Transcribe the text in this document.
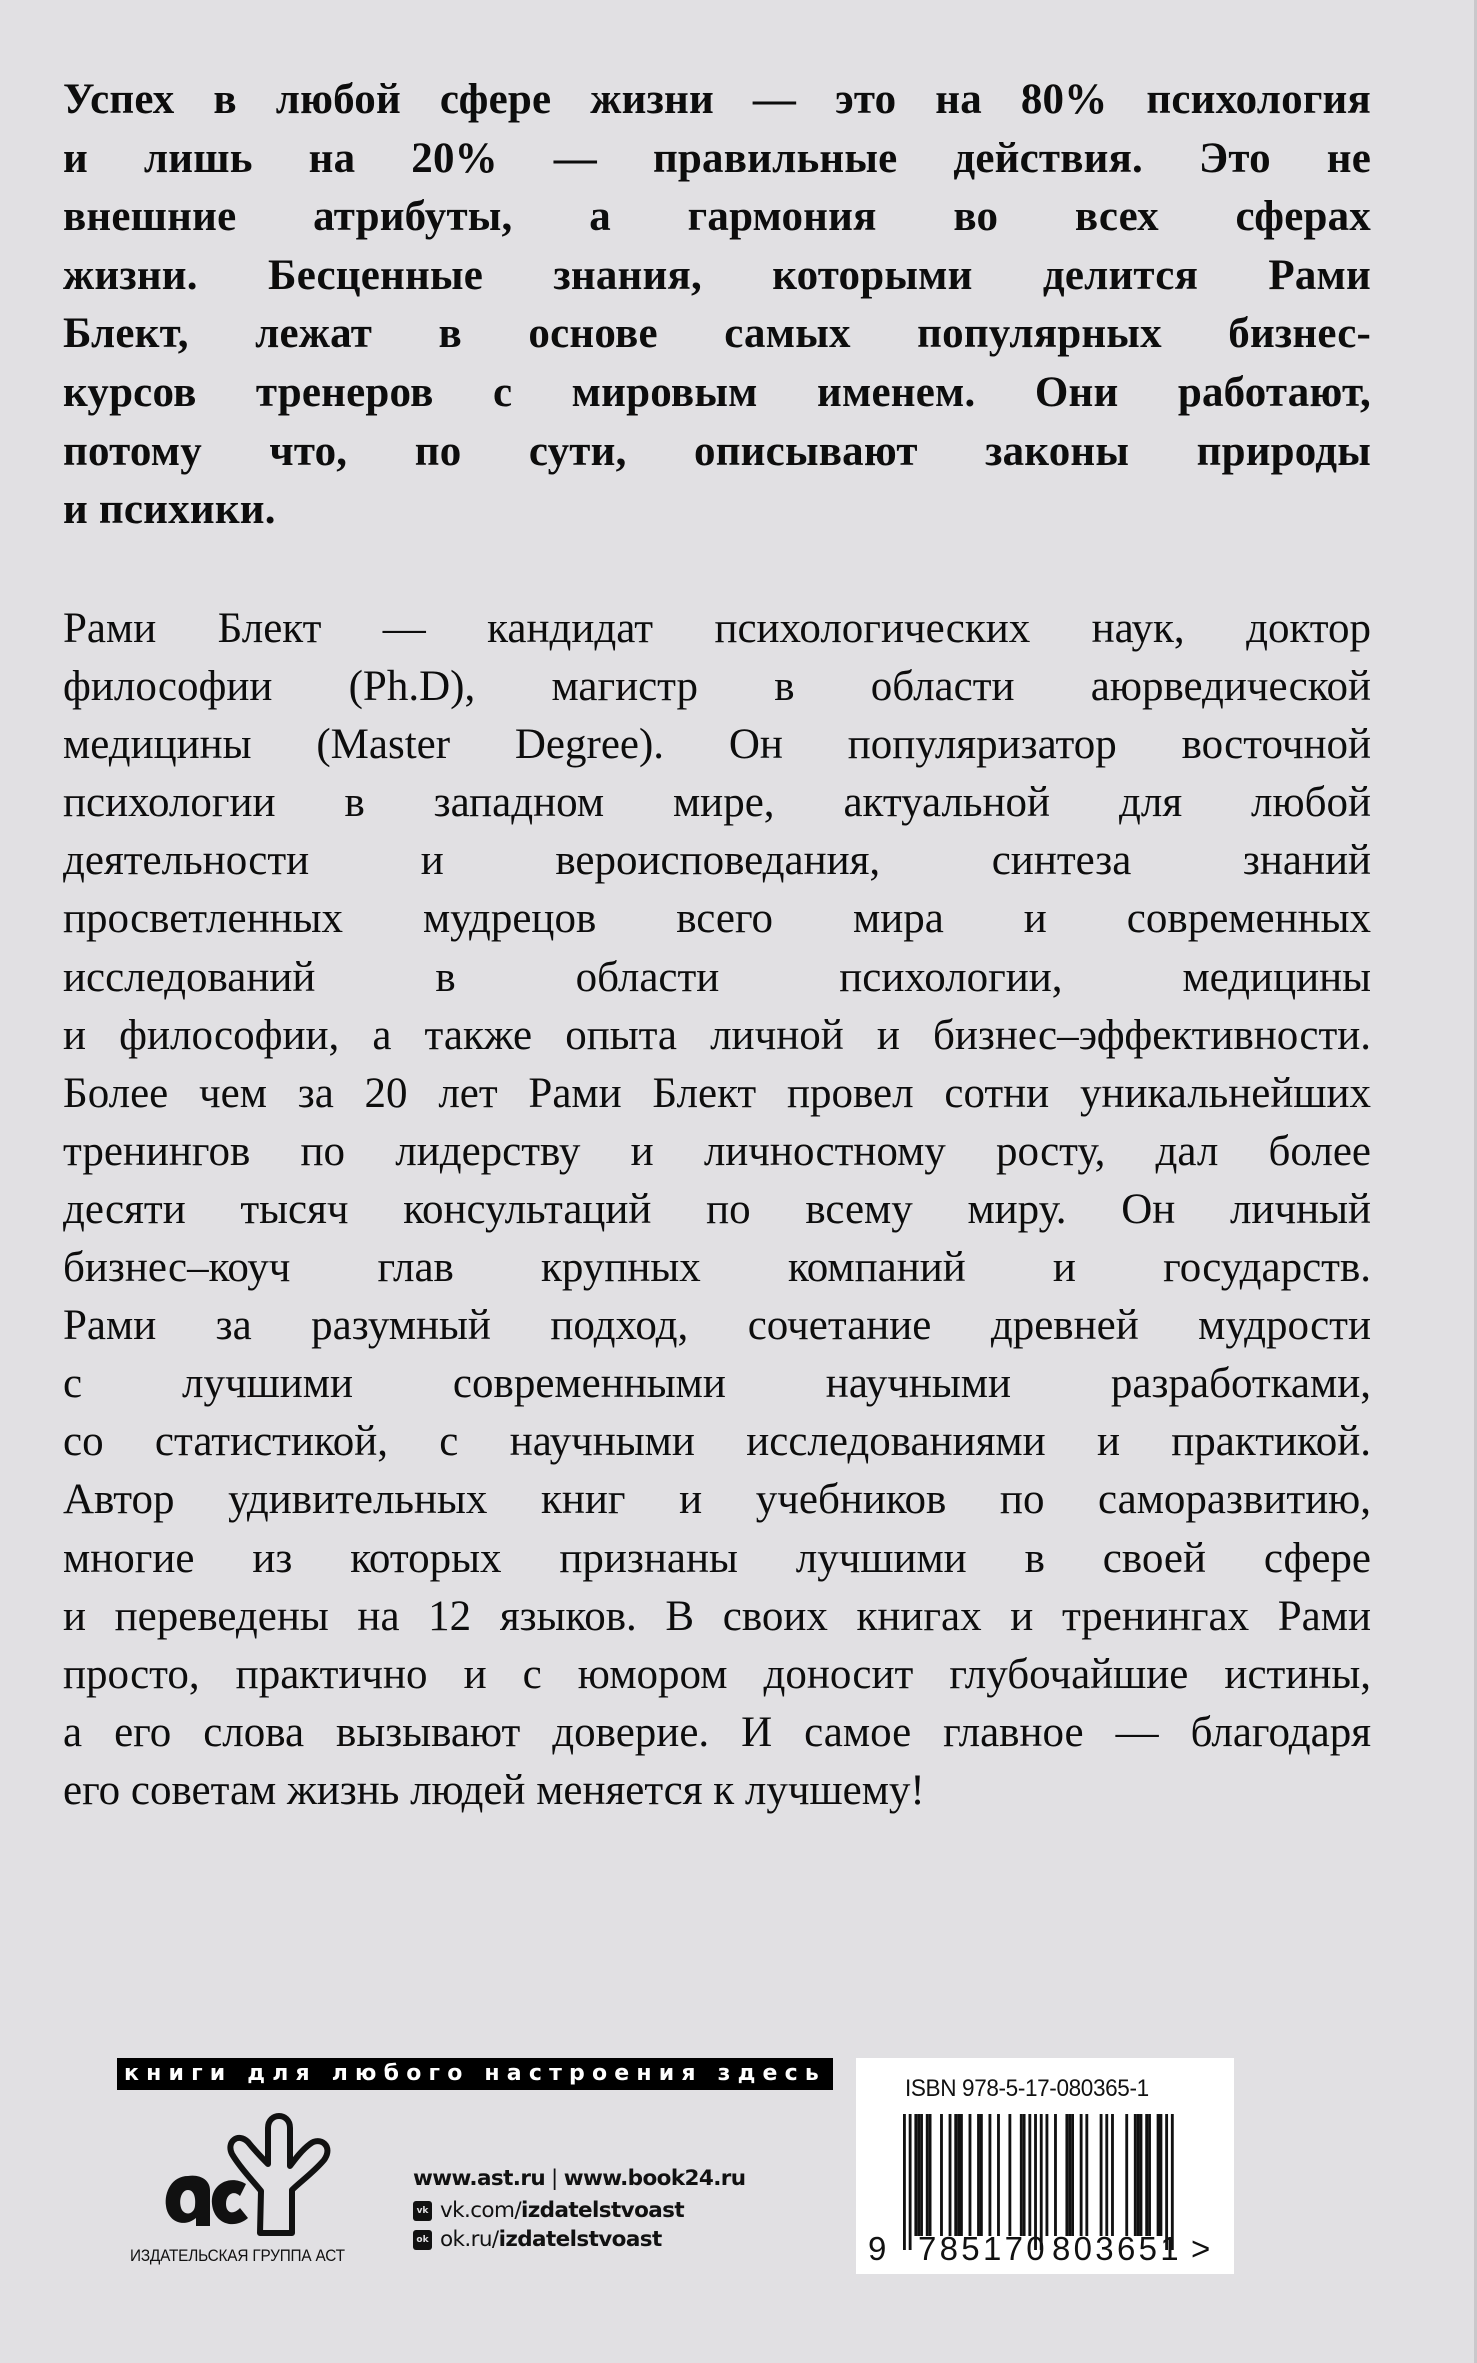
Успех в любой сфере жизни — это на 80% психология
и лишь на 20% — правильные действия. Это не
внешние атрибуты, а гармония во всех сферах
жизни. Бесценные знания, которыми делится Рами
Блект, лежат в основе самых популярных бизнес-
курсов тренеров с мировым именем. Они работают,
потому что, по сути, описывают законы природы
и психики.
Рами Блект — кандидат психологических наук, доктор
философии (Ph.D), магистр в области аюрведической
медицины (Master Degree). Он популяризатор восточной
психологии в западном мире, актуальной для любой
деятельности и вероисповедания, синтеза знаний
просветленных мудрецов всего мира и современных
исследований в области психологии, медицины
и философии, а также опыта личной и бизнес–эффективности.
Более чем за 20 лет Рами Блект провел сотни уникальнейших
тренингов по лидерству и личностному росту, дал более
десяти тысяч консультаций по всему миру. Он личный
бизнес–коуч глав крупных компаний и государств.
Рами за разумный подход, сочетание древней мудрости
с лучшими современными научными разработками,
со статистикой, с научными исследованиями и практикой.
Автор удивительных книг и учебников по саморазвитию,
многие из которых признаны лучшими в своей сфере
и переведены на 12 языков. В своих книгах и тренингах Рами
просто, практично и с юмором доносит глубочайшие истины,
а его слова вызывают доверие. И самое главное — благодаря
его советам жизнь людей меняется к лучшему!
книги для любого настроения здесь
ИЗДАТЕЛЬСКАЯ ГРУППА АСТ
www.ast.ru | www.book24.ru
vk vk.com/ izdatelstvoast
ok ok.ru/ izdatelstvoast
ISBN 978-5-17-080365-1
9 785170 803651 >
